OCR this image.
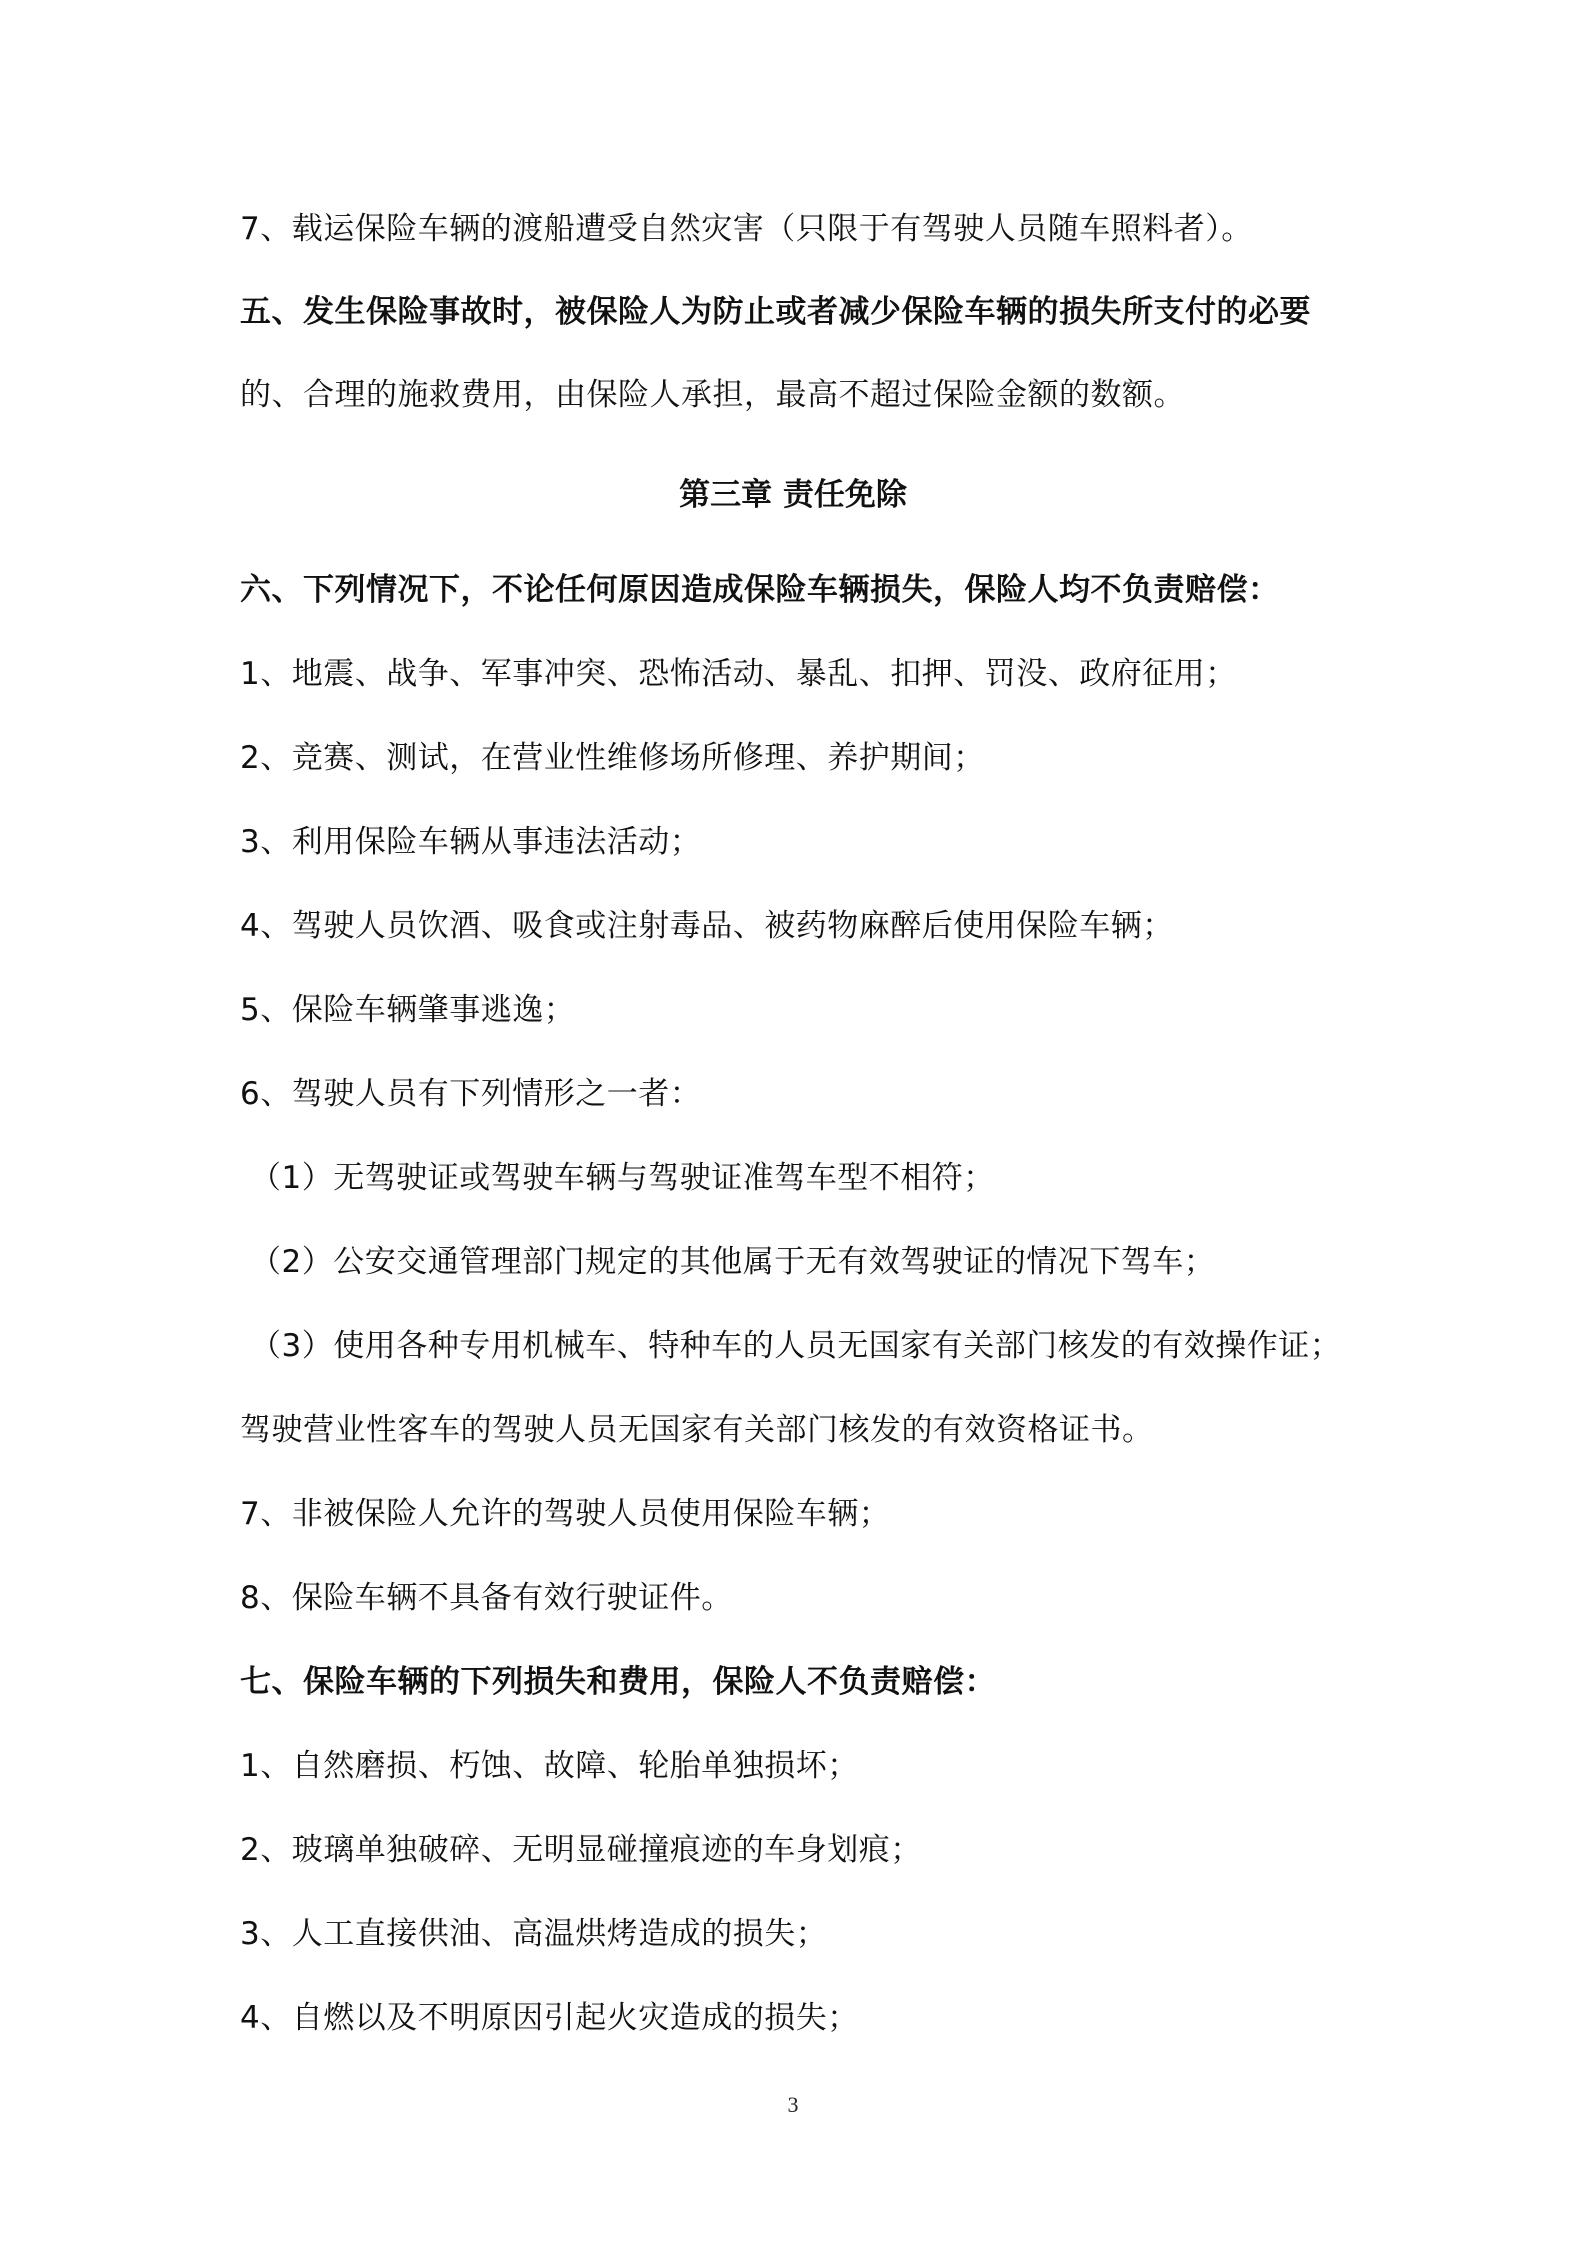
7、载运保险车辆的渡船遭受自然灾害（只限于有驾驶人员随车照料者）。
五、发生保险事故时，被保险人为防止或者减少保险车辆的损失所支付的必要
的、合理的施救费用，由保险人承担，最高不超过保险金额的数额。
第三章 责任免除
六、下列情况下，不论任何原因造成保险车辆损失，保险人均不负责赔偿：
1、地震、战争、军事冲突、恐怖活动、暴乱、扣押、罚没、政府征用；
2、竞赛、测试，在营业性维修场所修理、养护期间；
3、利用保险车辆从事违法活动；
4、驾驶人员饮酒、吸食或注射毒品、被药物麻醉后使用保险车辆；
5、保险车辆肇事逃逸；
6、驾驶人员有下列情形之一者：
（1）无驾驶证或驾驶车辆与驾驶证准驾车型不相符；
（2）公安交通管理部门规定的其他属于无有效驾驶证的情况下驾车；
（3）使用各种专用机械车、特种车的人员无国家有关部门核发的有效操作证；
驾驶营业性客车的驾驶人员无国家有关部门核发的有效资格证书。
7、非被保险人允许的驾驶人员使用保险车辆；
8、保险车辆不具备有效行驶证件。
七、保险车辆的下列损失和费用，保险人不负责赔偿：
1、自然磨损、朽蚀、故障、轮胎单独损坏；
2、玻璃单独破碎、无明显碰撞痕迹的车身划痕；
3、人工直接供油、高温烘烤造成的损失；
4、自燃以及不明原因引起火灾造成的损失；
3
